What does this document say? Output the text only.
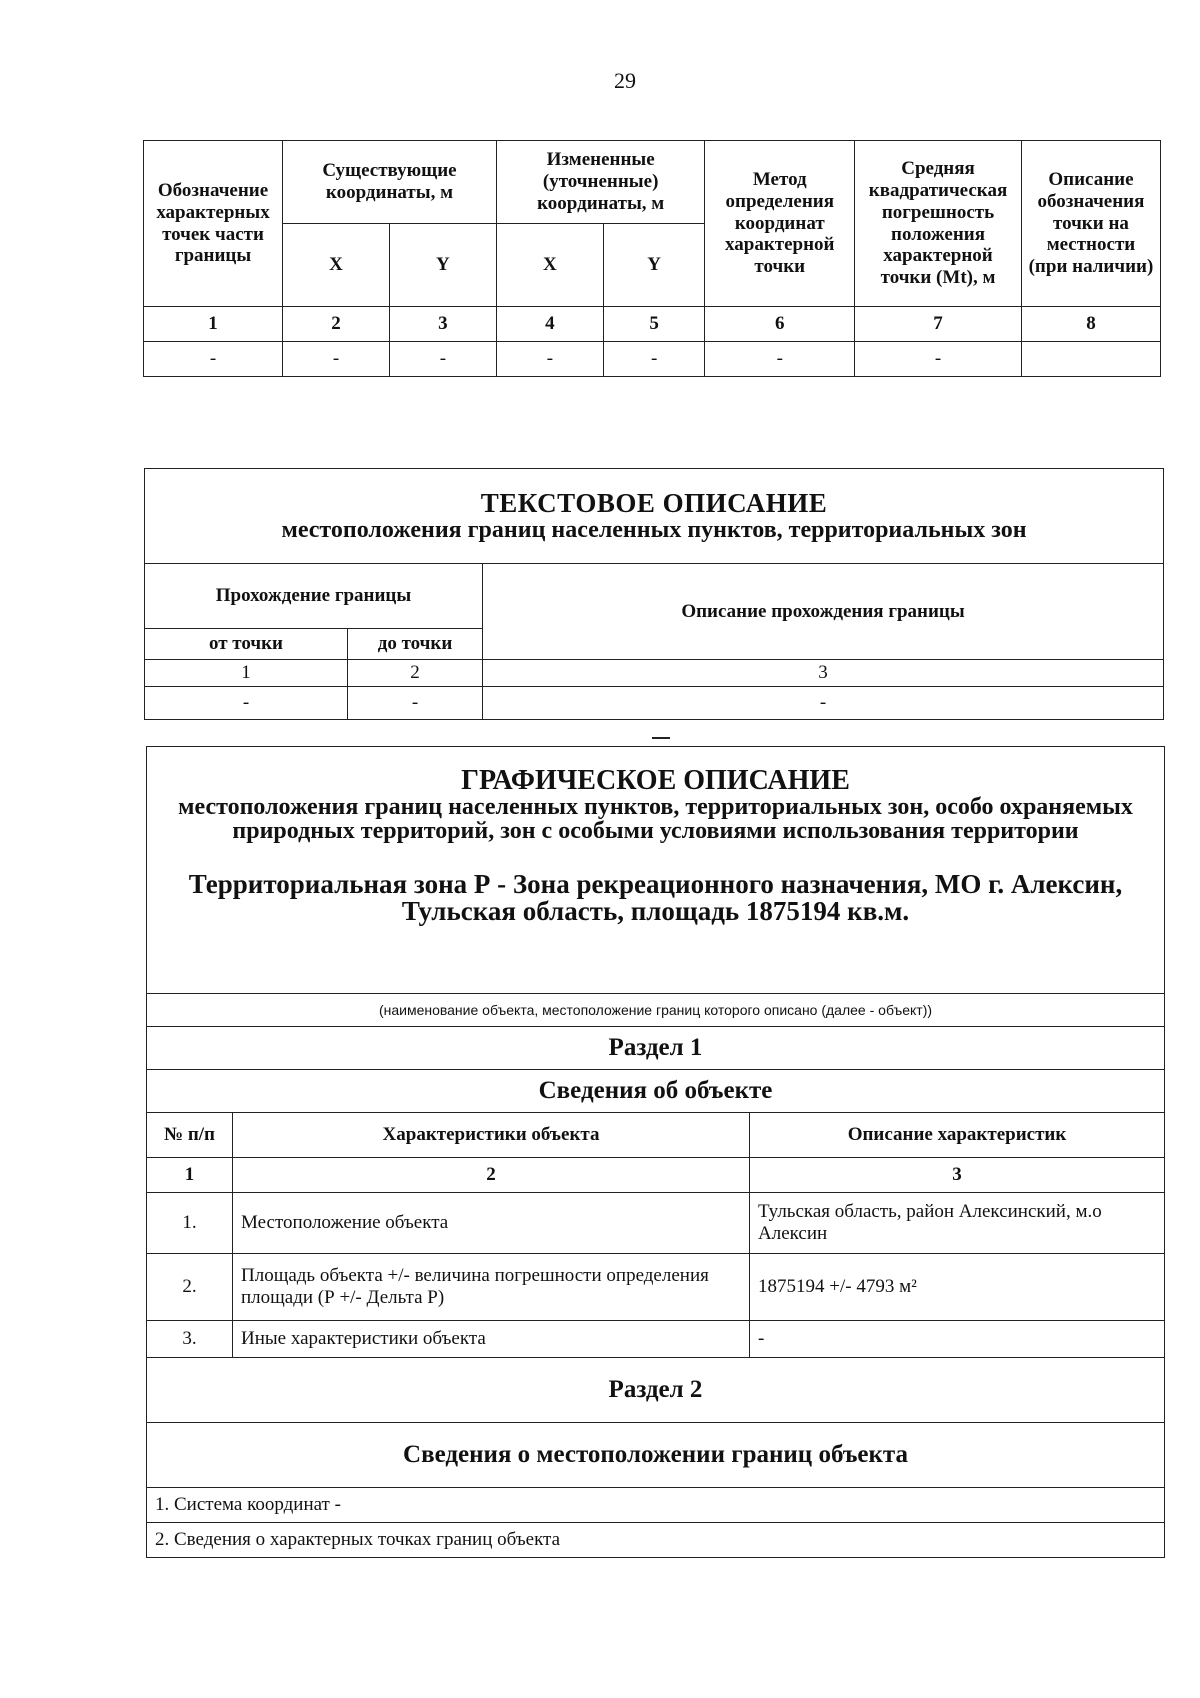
29
Обозначение характерных точек части границы	Существующие координаты, м		Измененные (уточненные) координаты, м		Метод определения координат характерной точки	Средняя квадратическая погрешность положения характерной точки (Mt), м	Описание обозначения точки на местности (при наличии)
	X	Y	X	Y			
1	2	3	4	5	6	7	8
-	-	-	-	-	-	-	
ТЕКСТОВОЕ ОПИСАНИЕ
местоположения границ населенных пунктов, территориальных зон		

Прохождение границы		Описание прохождения границы
от точки	до точки	
1	2	3
-	-	-
ГРАФИЧЕСКОЕ ОПИСАНИЕ
местоположения границ населенных пунктов, территориальных зон, особо охраняемых природных территорий, зон с особыми условиями использования территории
Территориальная зона Р - Зона рекреационного назначения, МО г. Алексин,
Тульская область, площадь 1875194 кв.м.		

(наименование объекта, местоположение границ которого описано (далее - объект))		
Раздел 1		
Сведения об объекте		
№ п/п	Характеристики объекта	Описание характеристик
1	2	3
1.	Местоположение объекта	Тульская область, район Алексинский, м.о Алексин
2.	Площадь объекта +/- величина погрешности определения площади (Р +/- Дельта Р)	1875194 +/- 4793 м²
3.	Иные характеристики объекта	-
Раздел 2		
Сведения о местоположении границ объекта		
1. Система координат -		
2. Сведения о характерных точках границ объекта		
